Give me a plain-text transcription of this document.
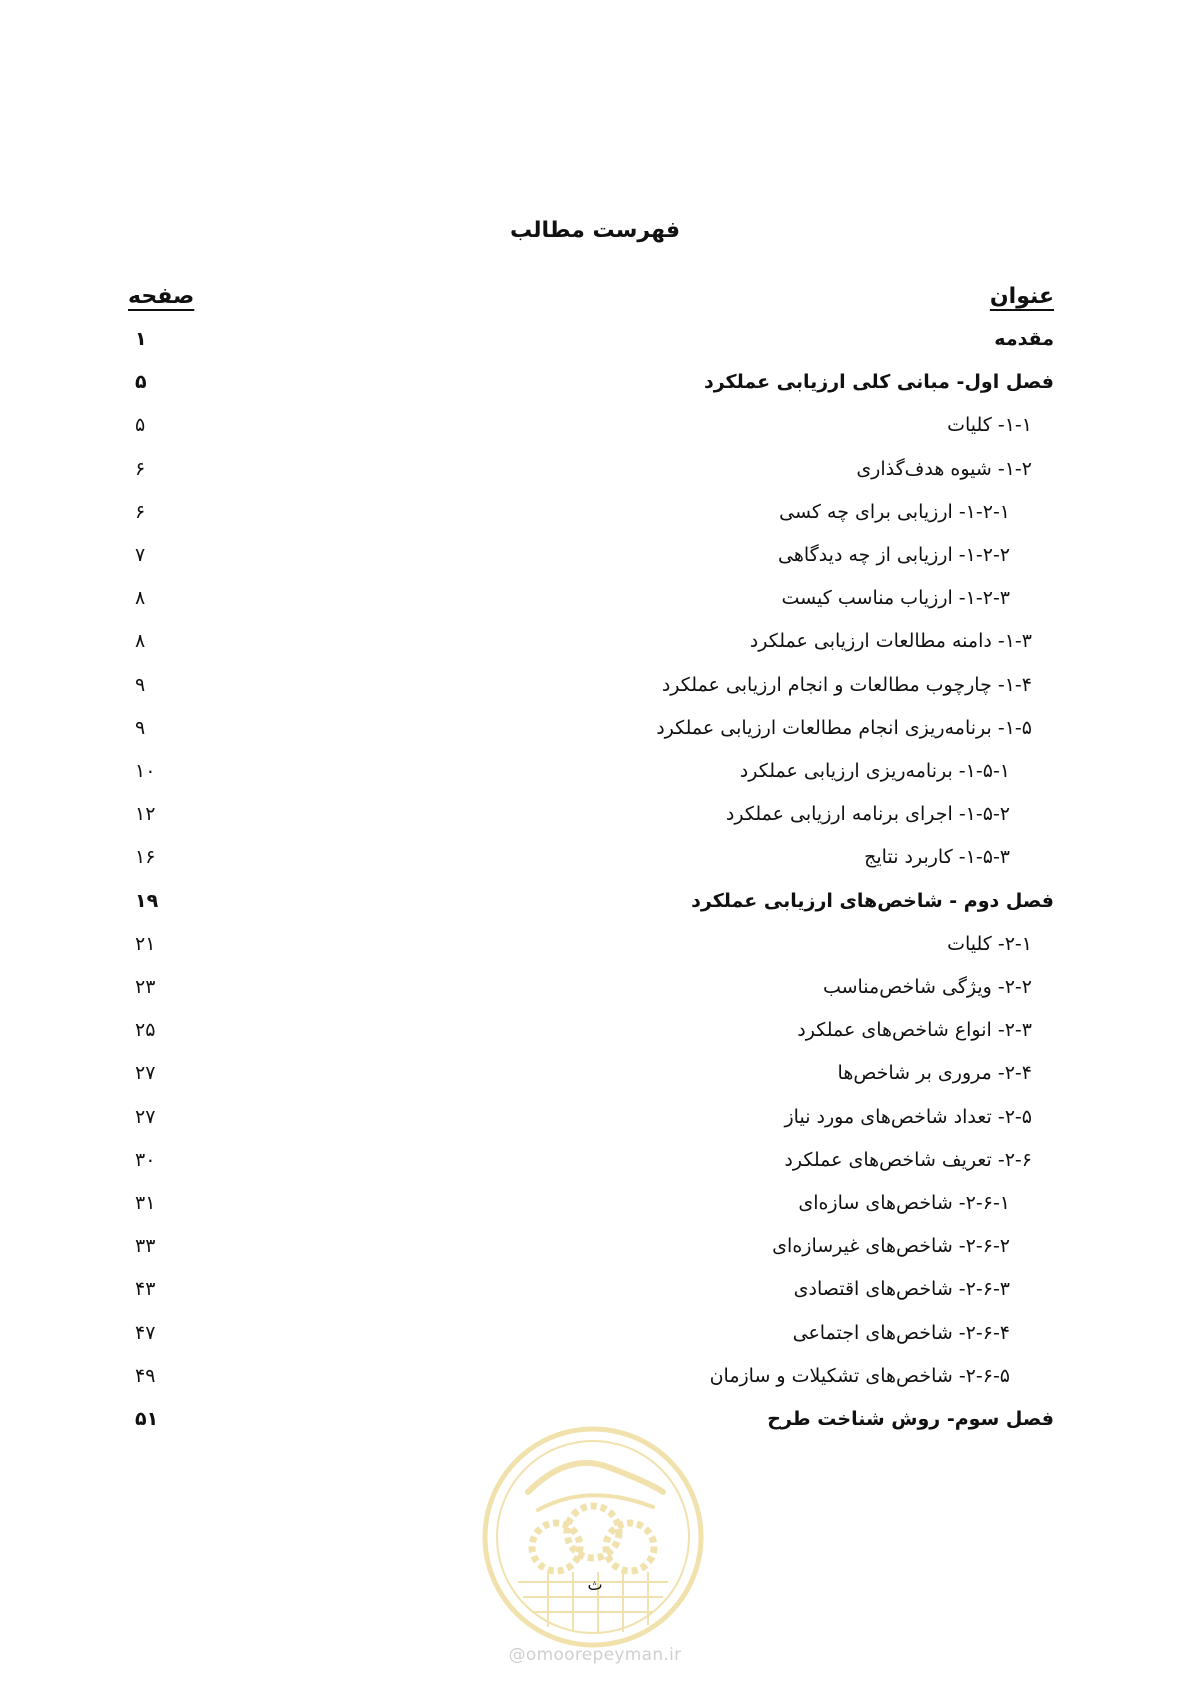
فهرست مطالب
عنوان
صفحه
مقدمه
۱
فصل اول- مبانی کلی ارزیابی عملکرد
۵
۱-۱- کلیات
۵
۱-۲- شیوه هدف‌گذاری
۶
۱-۲-۱- ارزیابی برای چه کسی
۶
۱-۲-۲- ارزیابی از چه دیدگاهی
۷
۱-۲-۳- ارزیاب مناسب کیست
۸
۱-۳- دامنه مطالعات ارزیابی عملکرد
۸
۱-۴- چارچوب مطالعات و انجام ارزیابی عملکرد
۹
۱-۵- برنامه‌ریزی انجام مطالعات ارزیابی عملکرد
۹
۱-۵-۱- برنامه‌ریزی ارزیابی عملکرد
۱۰
۱-۵-۲- اجرای برنامه ارزیابی عملکرد
۱۲
۱-۵-۳- کاربرد نتایج
۱۶
فصل دوم - شاخص‌های ارزیابی عملکرد
۱۹
۲-۱- کلیات
۲۱
۲-۲- ویژگی شاخص‌مناسب
۲۳
۲-۳- انواع شاخص‌های عملکرد
۲۵
۲-۴- مروری بر شاخص‌ها
۲۷
۲-۵- تعداد شاخص‌های مورد نیاز
۲۷
۲-۶- تعریف شاخص‌های عملکرد
۳۰
۲-۶-۱- شاخص‌های سازه‌ای
۳۱
۲-۶-۲- شاخص‌های غیرسازه‌ای
۳۳
۲-۶-۳- شاخص‌های اقتصادی
۴۳
۲-۶-۴- شاخص‌های اجتماعی
۴۷
۲-۶-۵- شاخص‌های تشکیلات و سازمان
۴۹
فصل سوم- روش شناخت طرح
۵۱
ث
@omoorepeyman.ir
